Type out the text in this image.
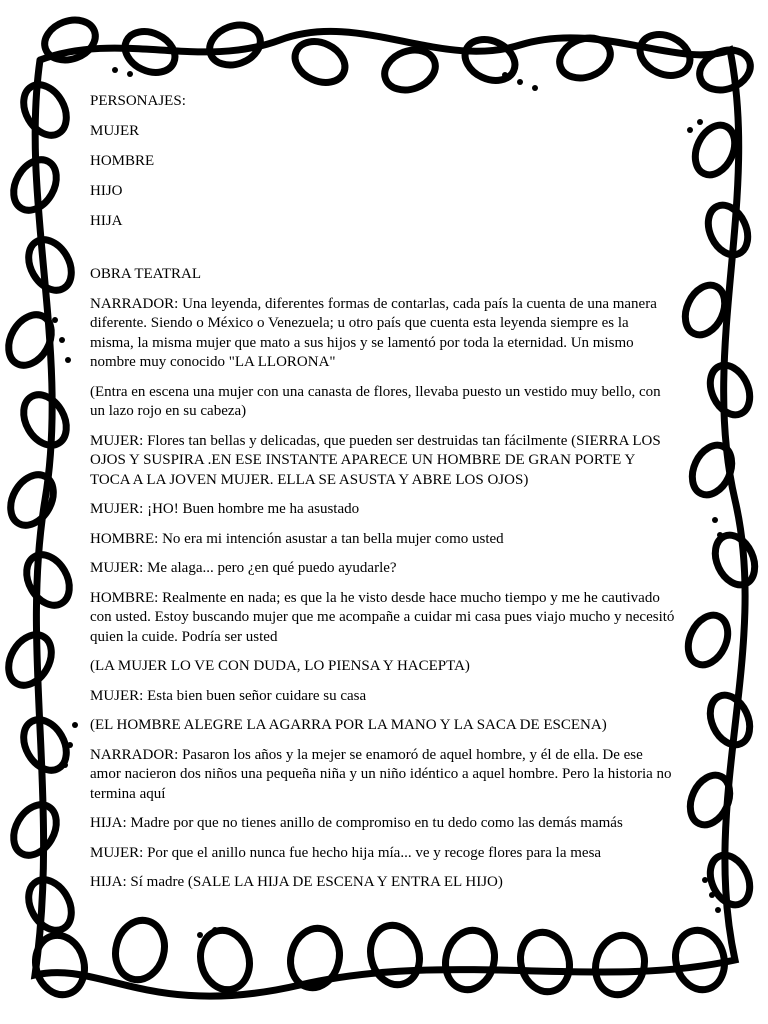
PERSONAJES:

MUJER

HOMBRE

HIJO

HIJA

OBRA TEATRAL

NARRADOR: Una leyenda, diferentes formas de contarlas, cada país la cuenta de una manera diferente. Siendo o México o Venezuela; u otro país que cuenta esta leyenda siempre es la misma, la misma mujer que mato a sus hijos y se lamentó por toda la eternidad. Un mismo nombre muy conocido "LA LLORONA"

(Entra en escena una mujer con una canasta de flores, llevaba puesto un vestido muy bello, con un lazo rojo en su cabeza)

MUJER: Flores tan bellas y delicadas, que pueden ser destruidas tan fácilmente (SIERRA LOS OJOS Y SUSPIRA .EN ESE INSTANTE APARECE UN HOMBRE DE GRAN PORTE Y TOCA A LA JOVEN MUJER. ELLA SE ASUSTA Y ABRE LOS OJOS)

MUJER: ¡HO! Buen hombre me ha asustado

HOMBRE: No era mi intención asustar a tan bella mujer como usted

MUJER: Me alaga... pero ¿en qué puedo ayudarle?

HOMBRE: Realmente en nada; es que la he visto desde hace mucho tiempo y me he cautivado con usted. Estoy buscando mujer que me acompañe a cuidar mi casa pues viajo mucho y necesitó quien la cuide. Podría ser usted

(LA MUJER LO VE CON DUDA, LO PIENSA Y HACEPTA)

MUJER: Esta bien buen señor cuidare su casa

(EL HOMBRE ALEGRE LA AGARRA POR LA MANO Y LA SACA DE ESCENA)

NARRADOR: Pasaron los años y la mejer se enamoró de aquel hombre, y él de ella. De ese amor nacieron dos niños una pequeña niña y un niño idéntico a aquel hombre. Pero la historia no termina aquí

HIJA: Madre por que no tienes anillo de compromiso en tu dedo como las demás mamás

MUJER: Por que el anillo nunca fue hecho hija mía... ve y recoge flores para la mesa

HIJA: Sí madre (SALE LA HIJA DE ESCENA Y ENTRA EL HIJO)
